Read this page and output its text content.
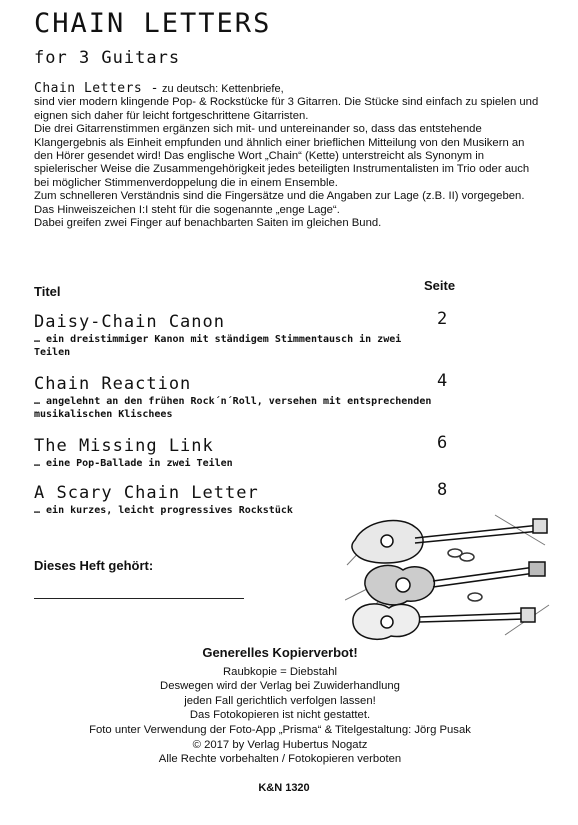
CHAIN LETTERS
for 3 Guitars

Chain Letters - zu deutsch: Kettenbriefe,

sind vier modern klingende Pop- & Rockstücke für 3 Gitarren. Die Stücke sind einfach zu spielen und eignen sich daher für leicht fortgeschrittene Gitarristen.

Die drei Gitarrenstimmen ergänzen sich mit- und untereinander so, dass das entstehende Klangergebnis als Einheit empfunden und ähnlich einer brieflichen Mitteilung von den Musikern an den Hörer gesendet wird! Das englische Wort „Chain“ (Kette) unterstreicht als Synonym in spielerischer Weise die Zusammengehörigkeit jedes beteiligten Instrumentalisten im Trio oder auch bei möglicher Stimmenverdoppelung die in einem Ensemble.

Zum schnelleren Verständnis sind die Fingersätze und die Angaben zur Lage (z.B. II) vorgegeben. Das Hinweiszeichen I:I steht für die sogenannte „enge Lage“.

Dabei greifen zwei Finger auf benachbarten Saiten im gleichen Bund.

Titel	Seite
Daisy-Chain Canon
… ein dreistimmiger Kanon mit ständigem Stimmentausch in zwei Teilen
2
Chain Reaction
… angelehnt an den frühen Rock´n´Roll, versehen mit entsprechenden musikalischen Klischees
4
The Missing Link
… eine Pop-Ballade in zwei Teilen
6
A Scary Chain Letter
… ein kurzes, leicht progressives Rockstück
8
Dieses Heft gehört:
Generelles Kopierverbot!
Raubkopie = Diebstahl
Deswegen wird der Verlag bei Zuwiderhandlung
jeden Fall gerichtlich verfolgen lassen!
Das Fotokopieren ist nicht gestattet.
Foto unter Verwendung der Foto-App „Prisma“ & Titelgestaltung: Jörg Pusak
© 2017 by Verlag Hubertus Nogatz
Alle Rechte vorbehalten / Fotokopieren verboten
K&N 1320
